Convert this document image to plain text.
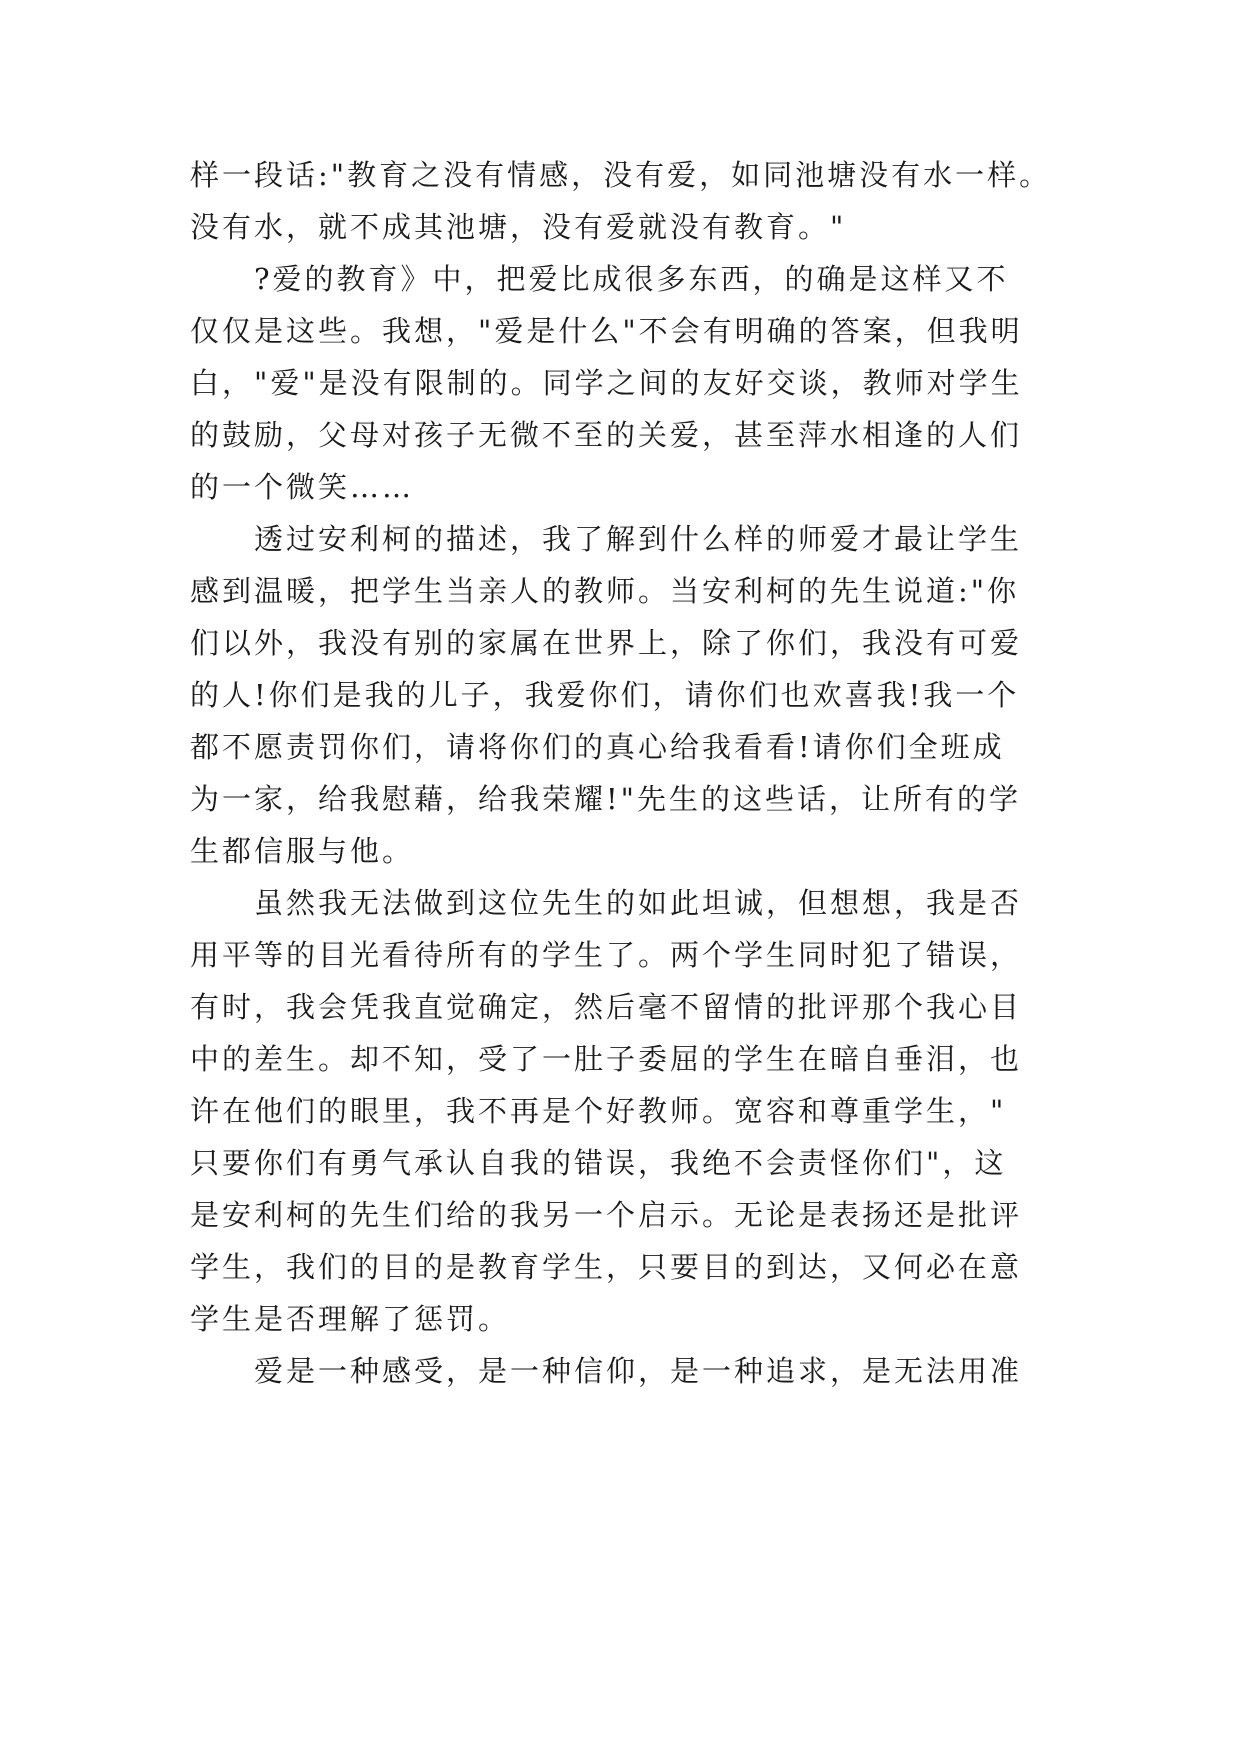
样一段话:"教育之没有情感，没有爱，如同池塘没有水一样。
没有水，就不成其池塘，没有爱就没有教育。"
?爱的教育》中，把爱比成很多东西，的确是这样又不
仅仅是这些。我想，"爱是什么"不会有明确的答案，但我明
白，"爱"是没有限制的。同学之间的友好交谈，教师对学生
的鼓励，父母对孩子无微不至的关爱，甚至萍水相逢的人们
的一个微笑……
透过安利柯的描述，我了解到什么样的师爱才最让学生
感到温暖，把学生当亲人的教师。当安利柯的先生说道:"你
们以外，我没有别的家属在世界上，除了你们，我没有可爱
的人!你们是我的儿子，我爱你们，请你们也欢喜我!我一个
都不愿责罚你们，请将你们的真心给我看看!请你们全班成
为一家，给我慰藉，给我荣耀!"先生的这些话，让所有的学
生都信服与他。
虽然我无法做到这位先生的如此坦诚，但想想，我是否
用平等的目光看待所有的学生了。两个学生同时犯了错误，
有时，我会凭我直觉确定，然后毫不留情的批评那个我心目
中的差生。却不知，受了一肚子委屈的学生在暗自垂泪，也
许在他们的眼里，我不再是个好教师。宽容和尊重学生，"
只要你们有勇气承认自我的错误，我绝不会责怪你们"，这
是安利柯的先生们给的我另一个启示。无论是表扬还是批评
学生，我们的目的是教育学生，只要目的到达，又何必在意
学生是否理解了惩罚。
爱是一种感受，是一种信仰，是一种追求，是无法用准
